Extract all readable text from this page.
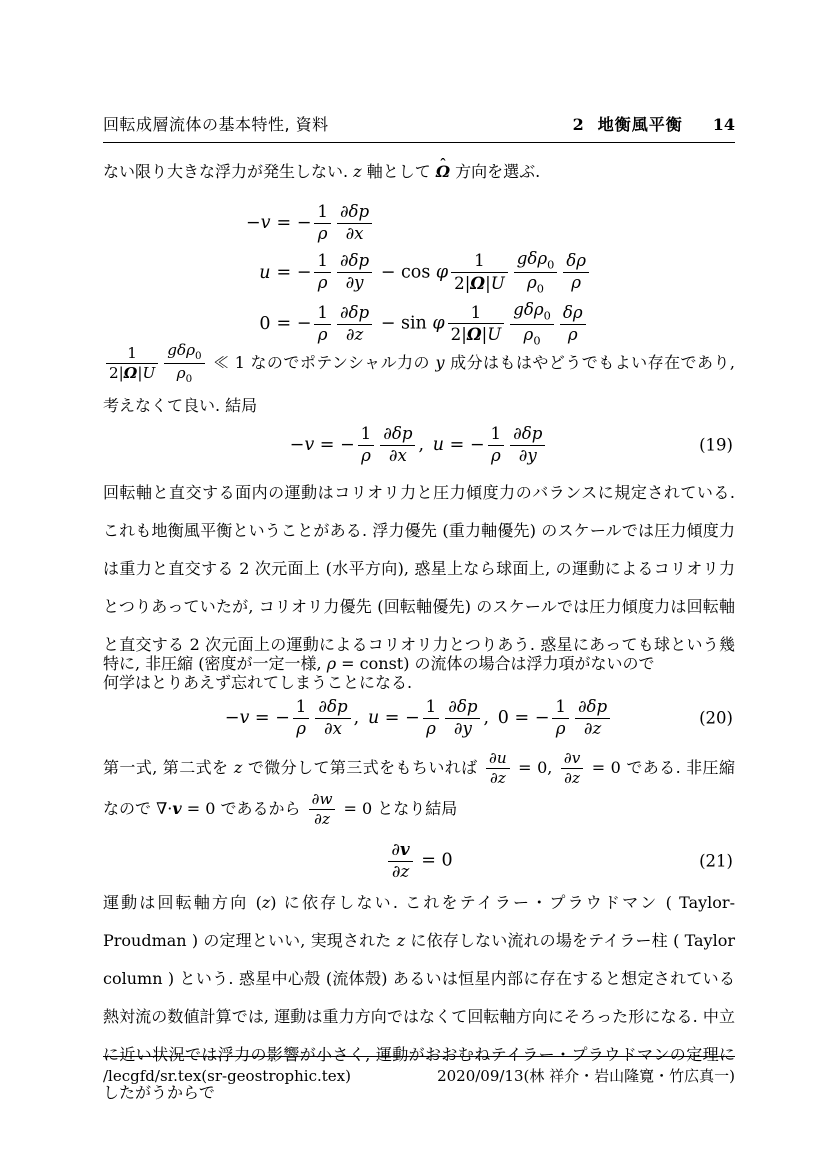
回転成層流体の基本特性, 資料	2 地衡風平衡 14
ない限り大きな浮力が発生しない. z 軸として Ω ˆ 方向を選ぶ.
−v = − $\frac{1}{\rho} \frac{\partial\delta p}{\partial x}$
u = − $\frac{1}{\rho} \frac{\partial\delta p}{\partial y} - \cos \varphi \frac{1}{2|\Omega|U} \frac{g\delta\rho_0}{\rho_0} \frac{\delta\rho}{\rho}$
0 = − $\frac{1}{\rho} \frac{\partial\delta p}{\partial z} - \sin \varphi \frac{1}{2|\Omega|U} \frac{g\delta\rho_0}{\rho_0} \frac{\delta\rho}{\rho}$
$\frac{1}{2|\Omega|U} \frac{g\delta\rho_0}{\rho_0}$ ≪ 1 なのでポテンシャル力の y 成分はもはやどうでもよい存在であり, 考えなくて良い. 結局
−v = − $\frac{1}{\rho} \frac{\partial\delta p}{\partial x}$ , u = − $\frac{1}{\rho} \frac{\partial\delta p}{\partial y}$	(19)
回転軸と直交する面内の運動はコリオリ力と圧力傾度力のバランスに規定されている. これも地衡風平衡ということがある. 浮力優先 (重力軸優先) のスケールでは圧力傾度力は重力と直交する 2 次元面上 (水平方向), 惑星上なら球面上, の運動によるコリオリ力とつりあっていたが, コリオリ力優先 (回転軸優先) のスケールでは圧力傾度力は回転軸と直交する 2 次元面上の運動によるコリオリ力とつりあう. 惑星にあっても球という幾何学はとりあえず忘れてしまうことになる.
特に, 非圧縮 (密度が一定一様, ρ = const) の流体の場合は浮力項がないので
−v = − $\frac{1}{\rho} \frac{\partial\delta p}{\partial x}$ , u = − $\frac{1}{\rho} \frac{\partial\delta p}{\partial y}$ , 0 = − $\frac{1}{\rho} \frac{\partial\delta p}{\partial z}$	(20)
第一式, 第二式を z で微分して第三式をもちいれば $\frac{\partial u}{\partial z} = 0$, $\frac{\partial v}{\partial z} = 0$ である. 非圧縮なので ∇·v = 0 であるから $\frac{\partial w}{\partial z} = 0$ となり結局
$\frac{\partial v}{\partial z} = 0$	(21)
運動は回転軸方向 (z) に依存しない. これをテイラー・プラウドマン ( Taylor-Proudman ) の定理といい, 実現された z に依存しない流れの場をテイラー柱 ( Taylor column ) という. 惑星中心殻 (流体殻) あるいは恒星内部に存在すると想定されている熱対流の数値計算では, 運動は重力方向ではなくて回転軸方向にそろった形になる. 中立に近い状況では浮力の影響が小さく, 運動がおおむねテイラー・プラウドマンの定理にしたがうからで
/lecgfd/sr.tex(sr-geostrophic.tex)	2020/09/13(林 祥介・岩山隆寛・竹広真一)
